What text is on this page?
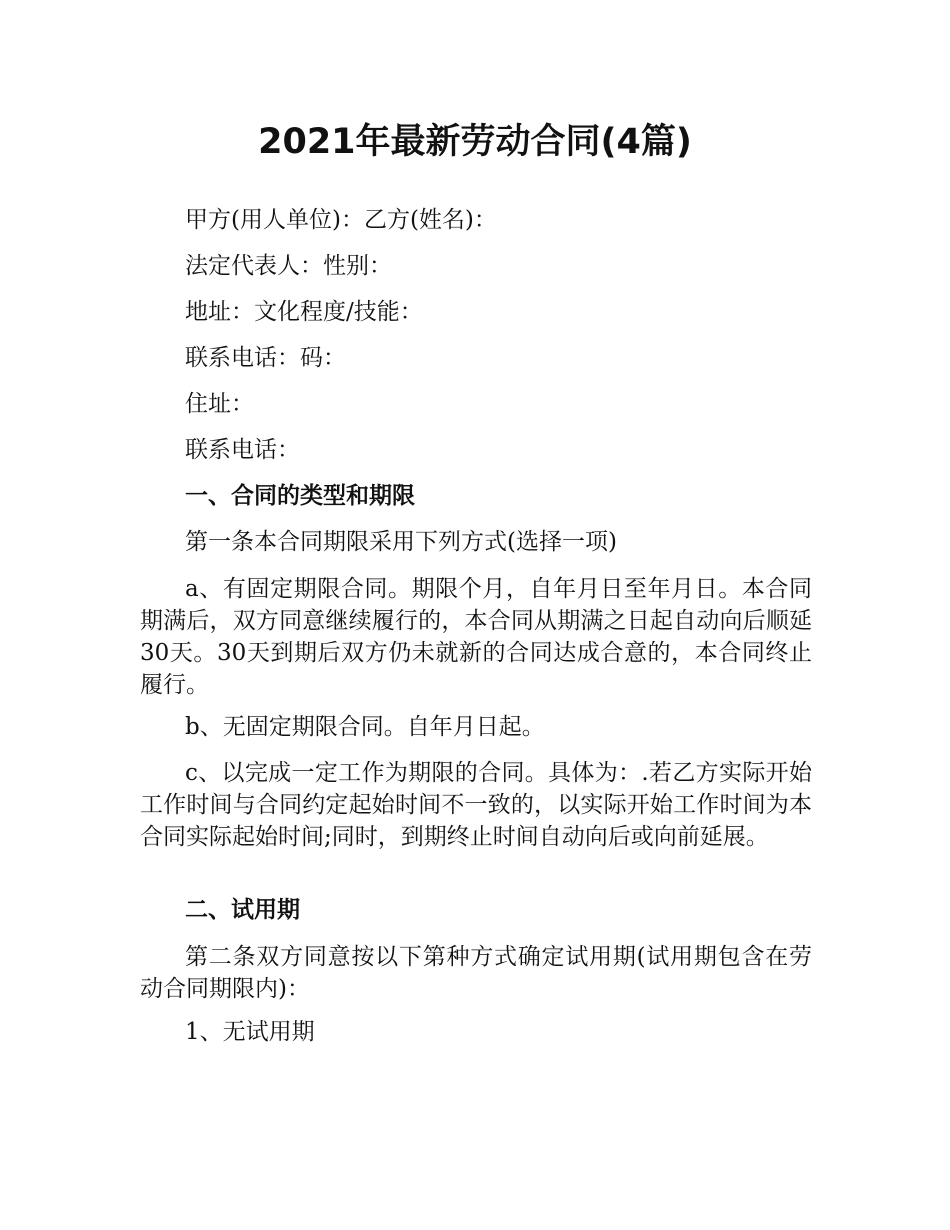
2021年最新劳动合同(4篇)

甲方(用人单位)：乙方(姓名)：

法定代表人：性别：

地址：文化程度/技能：

联系电话：码：

住址：

联系电话：

一、合同的类型和期限

第一条本合同期限采用下列方式(选择一项)

a、有固定期限合同。期限个月，自年月日至年月日。本合同期满后，双方同意继续履行的，本合同从期满之日起自动向后顺延30天。30天到期后双方仍未就新的合同达成合意的，本合同终止履行。

b、无固定期限合同。自年月日起。

c、以完成一定工作为期限的合同。具体为：.若乙方实际开始工作时间与合同约定起始时间不一致的，以实际开始工作时间为本合同实际起始时间;同时，到期终止时间自动向后或向前延展。

二、试用期

第二条双方同意按以下第种方式确定试用期(试用期包含在劳动合同期限内)：

1、无试用期
